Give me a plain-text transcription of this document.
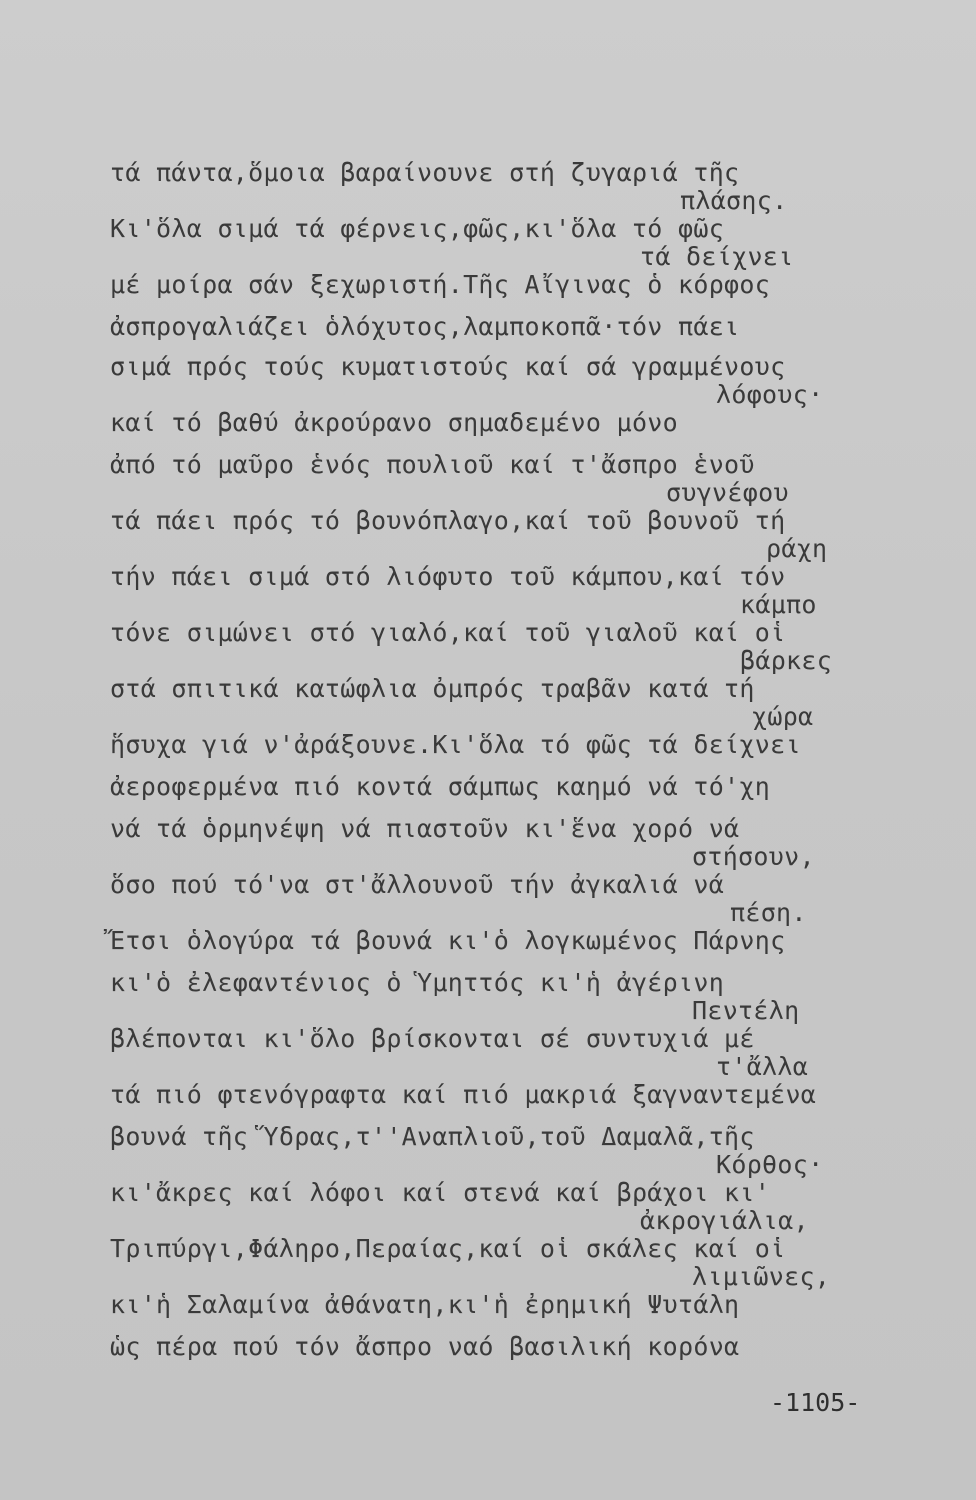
τά πάντα,ὅμοια βαραίνουνε στή ζυγαριά τῆς

πλάσης.

Κι'ὅλα σιμά τά φέρνεις,φῶς,κι'ὅλα τό φῶς

τά δείχνει

μέ μοίρα σάν ξεχωριστή.Τῆς Αἴγινας ὁ κόρφος

ἀσπρογαλιάζει ὁλόχυτος,λαμποκοπᾶ·τόν πάει

σιμά πρός τούς κυματιστούς καί σά γραμμένους

λόφους·

καί τό βαθύ ἀκρούρανο σημαδεμένο μόνο

ἀπό τό μαῦρο ἑνός πουλιοῦ καί τ'ἄσπρο ἑνοῦ

συγνέφου

τά πάει πρός τό βουνόπλαγο,καί τοῦ βουνοῦ τή

ράχη

τήν πάει σιμά στό λιόφυτο τοῦ κάμπου,καί τόν

κάμπο

τόνε σιμώνει στό γιαλό,καί τοῦ γιαλοῦ καί οἱ

βάρκες

στά σπιτικά κατώφλια ὀμπρός τραβᾶν κατά τή

χώρα

ἥσυχα γιά ν'ἀράξουνε.Κι'ὅλα τό φῶς τά δείχνει

ἀεροφερμένα πιό κοντά σάμπως καημό νά τό'χη

νά τά ὁρμηνέψη νά πιαστοῦν κι'ἕνα χορό νά

στήσουν,

ὅσο πού τό'να στ'ἄλλουνοῦ τήν ἀγκαλιά νά

πέση.

Ἔτσι ὁλογύρα τά βουνά κι'ὁ λογκωμένος Πάρνης

κι'ὁ ἐλεφαντένιος ὁ Ὑμηττός κι'ἡ ἀγέρινη

Πεντέλη

βλέπονται κι'ὅλο βρίσκονται σέ συντυχιά μέ

τ'ἄλλα

τά πιό φτενόγραφτα καί πιό μακριά ξαγναντεμένα

βουνά τῆς Ὕδρας,τ''Αναπλιοῦ,τοῦ Δαμαλᾶ,τῆς

Κόρθος·

κι'ἄκρες καί λόφοι καί στενά καί βράχοι κι'

ἀκρογιάλια,

Τριπύργι,Φάληρο,Περαίας,καί οἱ σκάλες καί οἱ

λιμιῶνες,

κι'ἡ Σαλαμίνα ἀθάνατη,κι'ἡ ἐρημική Ψυτάλη

ὡς πέρα πού τόν ἄσπρο ναό βασιλική κορόνα

-1105-
